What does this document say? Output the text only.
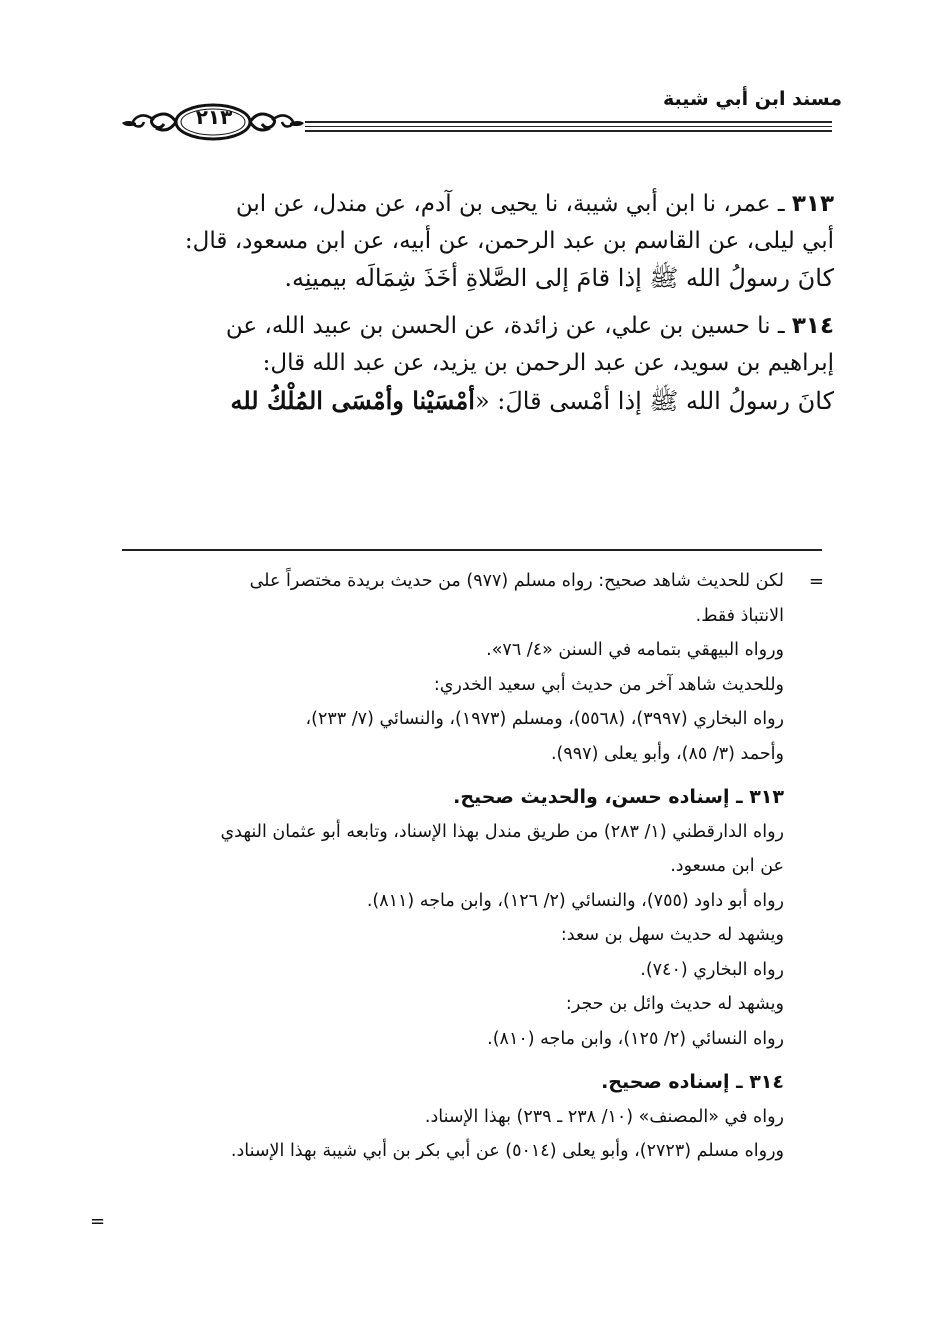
مسند ابن أبي شيبة
٢١٣

٣١٣ ـ عمر، نا ابن أبي شيبة، نا يحيى بن آدم، عن مندل، عن ابن
أبي ليلى، عن القاسم بن عبد الرحمن، عن أبيه، عن ابن مسعود، قال:
كانَ رسولُ الله ﷺ إذا قامَ إلى الصَّلاةِ أخَذَ شِمَالَه بيمينِه.

٣١٤ ـ نا حسين بن علي، عن زائدة، عن الحسن بن عبيد الله، عن
إبراهيم بن سويد، عن عبد الرحمن بن يزيد، عن عبد الله قال:
كانَ رسولُ الله ﷺ إذا أمْسى قالَ: «أمْسَيْنا وأمْسَى المُلْكُ لله

=
=
لكن للحديث شاهد صحيح: رواه مسلم (٩٧٧) من حديث بريدة مختصراً على
الانتباذ فقط.
ورواه البيهقي بتمامه في السنن «٤/ ٧٦».
وللحديث شاهد آخر من حديث أبي سعيد الخدري:
رواه البخاري (٣٩٩٧)، (٥٥٦٨)، ومسلم (١٩٧٣)، والنسائي (٧/ ٢٣٣)،
وأحمد (٣/ ٨٥)، وأبو يعلى (٩٩٧).
٣١٣ ـ إسناده حسن، والحديث صحيح.
رواه الدارقطني (١/ ٢٨٣) من طريق مندل بهذا الإسناد، وتابعه أبو عثمان النهدي
عن ابن مسعود.
رواه أبو داود (٧٥٥)، والنسائي (٢/ ١٢٦)، وابن ماجه (٨١١).
ويشهد له حديث سهل بن سعد:
رواه البخاري (٧٤٠).
ويشهد له حديث وائل بن حجر:
رواه النسائي (٢/ ١٢٥)، وابن ماجه (٨١٠).
٣١٤ ـ إسناده صحيح.
رواه في «المصنف» (١٠/ ٢٣٨ ـ ٢٣٩) بهذا الإسناد.
ورواه مسلم (٢٧٢٣)، وأبو يعلى (٥٠١٤) عن أبي بكر بن أبي شيبة بهذا الإسناد.
